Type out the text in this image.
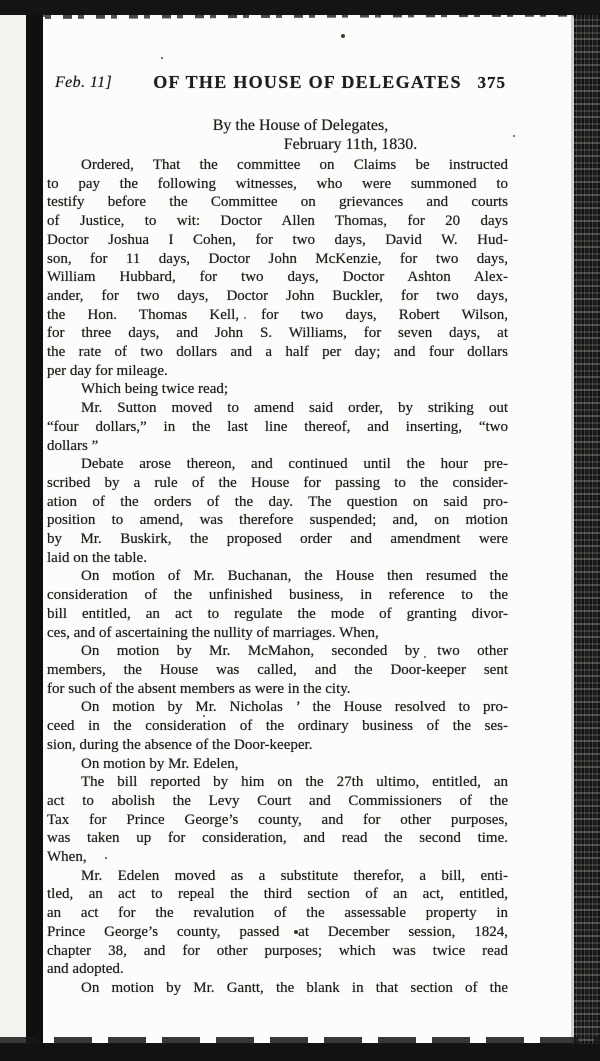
Feb. 11]	OF THE HOUSE OF DELEGATES 375
By the House of Delegates,
February 11th, 1830.
Ordered, That the committee on Claims be instructed
to pay the following witnesses, who were summoned to
testify before the Committee on grievances and courts
of Justice, to wit: Doctor Allen Thomas, for 20 days
Doctor Joshua I Cohen, for two days, David W. Hud-
son, for 11 days, Doctor John McKenzie, for two days,
William Hubbard, for two days, Doctor Ashton Alex-
ander, for two days, Doctor John Buckler, for two days,
the Hon. Thomas Kell, for two days, Robert Wilson,
for three days, and John S. Williams, for seven days, at
the rate of two dollars and a half per day; and four dollars
per day for mileage.
Which being twice read;
Mr. Sutton moved to amend said order, by striking out
“four dollars,” in the last line thereof, and inserting, “two
dollars ”
Debate arose thereon, and continued until the hour pre-
scribed by a rule of the House for passing to the consider-
ation of the orders of the day. The question on said pro-
position to amend, was therefore suspended; and, on motion
by Mr. Buskirk, the proposed order and amendment were
laid on the table.
On motion of Mr. Buchanan, the House then resumed the
consideration of the unfinished business, in reference to the
bill entitled, an act to regulate the mode of granting divor-
ces, and of ascertaining the nullity of marriages. When,
On motion by Mr. McMahon, seconded by two other
members, the House was called, and the Door-keeper sent
for such of the absent members as were in the city.
On motion by Mr. Nicholas ’ the House resolved to pro-
ceed in the consideration of the ordinary business of the ses-
sion, during the absence of the Door-keeper.
On motion by Mr. Edelen,
The bill reported by him on the 27th ultimo, entitled, an
act to abolish the Levy Court and Commissioners of the
Tax for Prince George’s county, and for other purposes,
was taken up for consideration, and read the second time.
When,
Mr. Edelen moved as a substitute therefor, a bill, enti-
tled, an act to repeal the third section of an act, entitled,
an act for the revalution of the assessable property in
Prince George’s county, passed at December session, 1824,
chapter 38, and for other purposes; which was twice read
and adopted.
On motion by Mr. Gantt, the blank in that section of the
